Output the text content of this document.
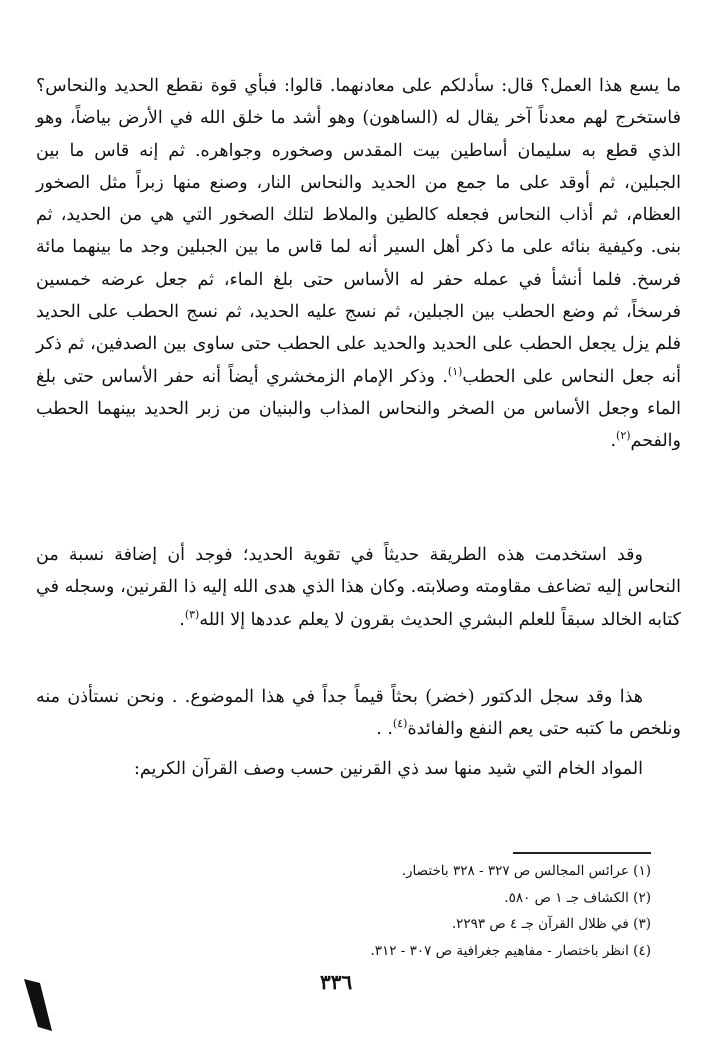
ما يسع هذا العمل؟ قال: سأدلكم على معادنهما. قالوا: فبأي قوة نقطع الحديد والنحاس؟ فاستخرج لهم معدناً آخر يقال له (الساهون) وهو أشد ما خلق الله في الأرض بياضاً، وهو الذي قطع به سليمان أساطين بيت المقدس وصخوره وجواهره. ثم إنه قاس ما بين الجبلين، ثم أوقد على ما جمع من الحديد والنحاس النار، وصنع منها زبراً مثل الصخور العظام، ثم أذاب النحاس فجعله كالطين والملاط لتلك الصخور التي هي من الحديد، ثم بنى. وكيفية بنائه على ما ذكر أهل السير أنه لما قاس ما بين الجبلين وجد ما بينهما مائة فرسخ. فلما أنشأ في عمله حفر له الأساس حتى بلغ الماء، ثم جعل عرضه خمسين فرسخاً، ثم وضع الحطب بين الجبلين، ثم نسج عليه الحديد، ثم نسج الحطب على الحديد فلم يزل يجعل الحطب على الحديد والحديد على الحطب حتى ساوى بين الصدفين، ثم ذكر أنه جعل النحاس على الحطب$^{(١)}$. وذكر الإمام الزمخشري أيضاً أنه حفر الأساس حتى بلغ الماء وجعل الأساس من الصخر والنحاس المذاب والبنيان من زبر الحديد بينهما الحطب والفحم$^{(٢)}$.

وقد استخدمت هذه الطريقة حديثاً في تقوية الحديد؛ فوجد أن إضافة نسبة من النحاس إليه تضاعف مقاومته وصلابته. وكان هذا الذي هدى الله إليه ذا القرنين، وسجله في كتابه الخالد سبقاً للعلم البشري الحديث بقرون لا يعلم عددها إلا الله$^{(٣)}$.

هذا وقد سجل الدكتور (خضر) بحثاً قيماً جداً في هذا الموضوع. . ونحن نستأذن منه ونلخص ما كتبه حتى يعم النفع والفائدة$^{(٤)}$. .

المواد الخام التي شيد منها سد ذي القرنين حسب وصف القرآن الكريم:

(١) عرائس المجالس ص ٣٢٧ - ٣٢٨ باختصار.
(٢) الكشاف جـ ١ ص ٥٨٠.
(٣) في ظلال القرآن جـ ٤ ص ٢٢٩٣.
(٤) انظر باختصار - مفاهيم جغرافية ص ٣٠٧ - ٣١٢.
٣٣٦
